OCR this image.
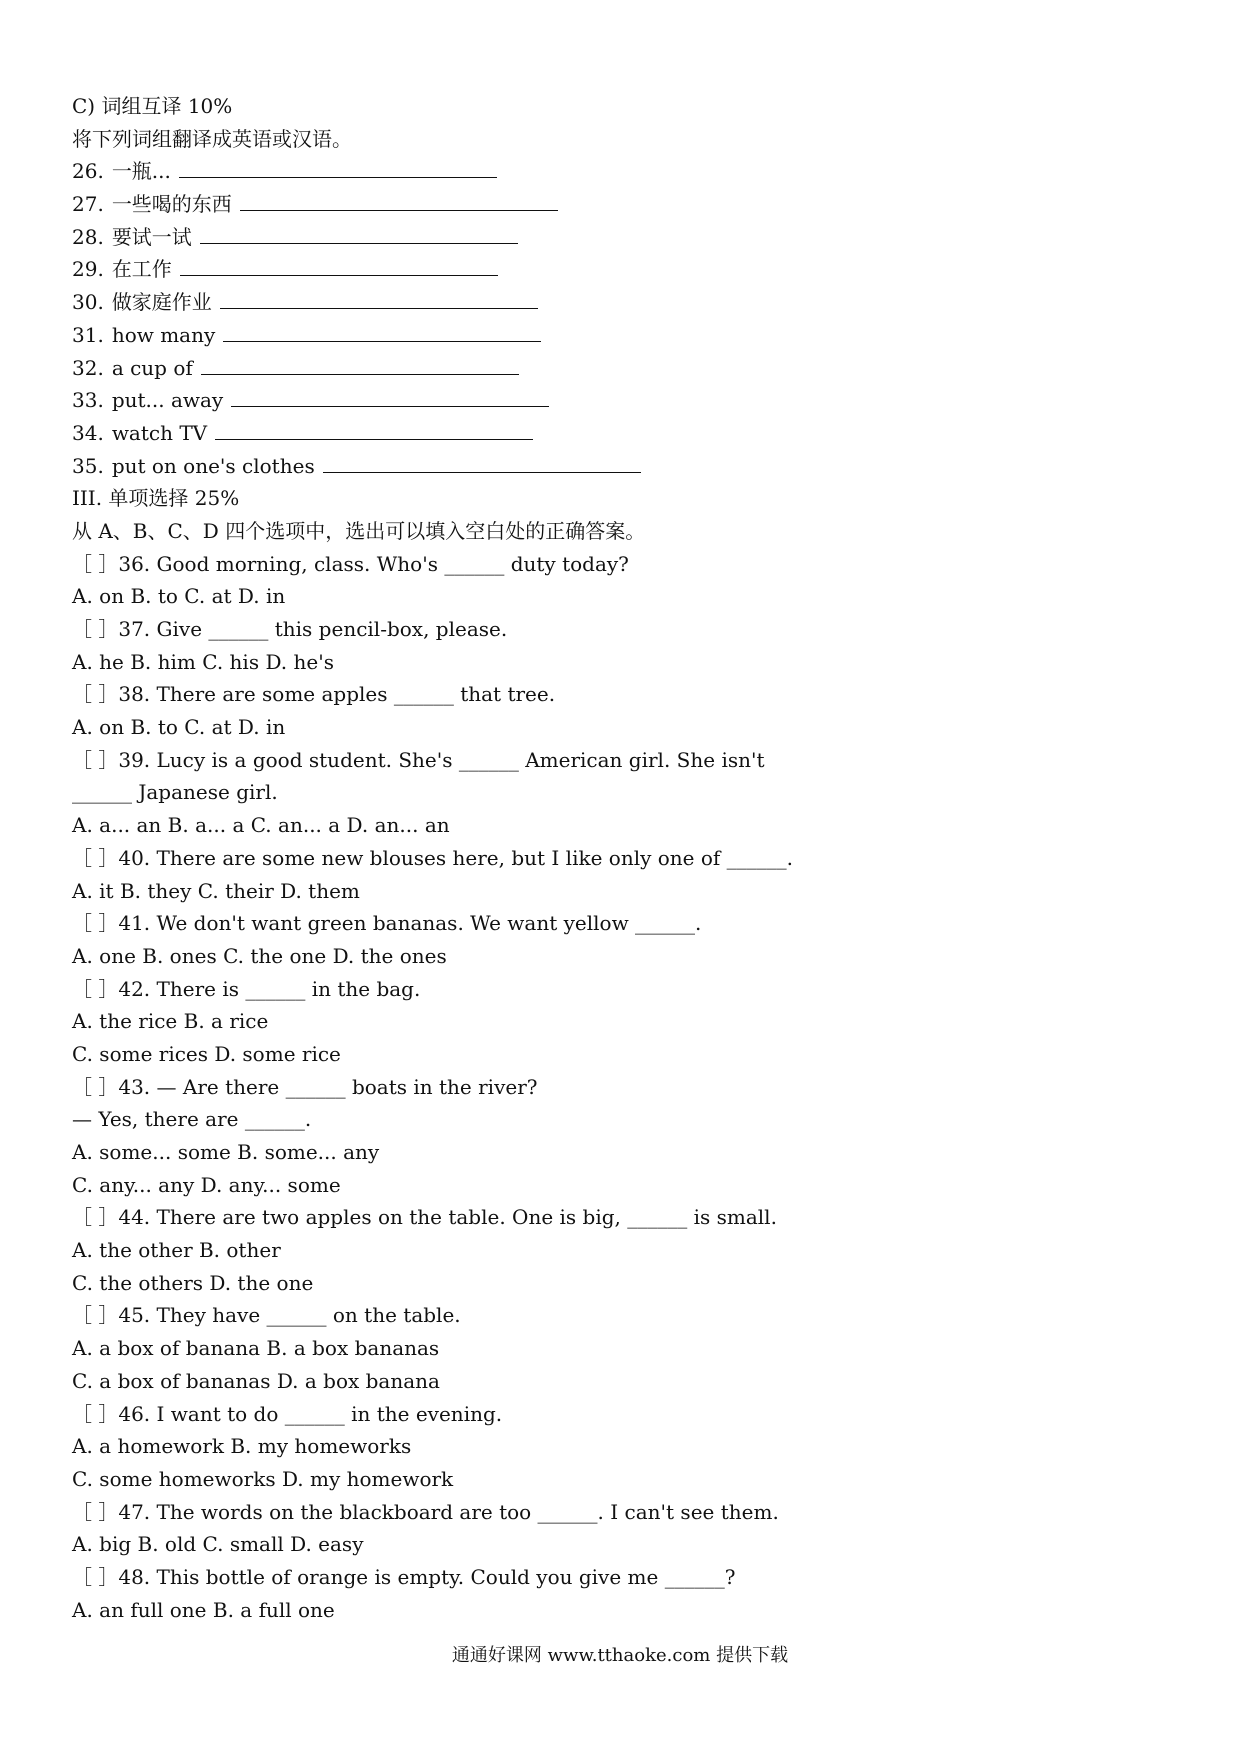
C) 词组互译 10%
将下列词组翻译成英语或汉语。
26. 一瓶...
27. 一些喝的东西
28. 要试一试
29. 在工作
30. 做家庭作业
31. how many
32. a cup of
33. put... away
34. watch TV
35. put on one's clothes
III. 单项选择 25%
从 A、B、C、D 四个选项中，选出可以填入空白处的正确答案。
［ ］36. Good morning, class. Who's ______ duty today?
A. on B. to C. at D. in
［ ］37. Give ______ this pencil-box, please.
A. he B. him C. his D. he's
［ ］38. There are some apples ______ that tree.
A. on B. to C. at D. in
［ ］39. Lucy is a good student. She's ______ American girl. She isn't
______ Japanese girl.
A. a... an B. a... a C. an... a D. an... an
［ ］40. There are some new blouses here, but I like only one of ______.
A. it B. they C. their D. them
［ ］41. We don't want green bananas. We want yellow ______.
A. one B. ones C. the one D. the ones
［ ］42. There is ______ in the bag.
A. the rice B. a rice
C. some rices D. some rice
［ ］43. — Are there ______ boats in the river?
— Yes, there are ______.
A. some... some B. some... any
C. any... any D. any... some
［ ］44. There are two apples on the table. One is big, ______ is small.
A. the other B. other
C. the others D. the one
［ ］45. They have ______ on the table.
A. a box of banana B. a box bananas
C. a box of bananas D. a box banana
［ ］46. I want to do ______ in the evening.
A. a homework B. my homeworks
C. some homeworks D. my homework
［ ］47. The words on the blackboard are too ______. I can't see them.
A. big B. old C. small D. easy
［ ］48. This bottle of orange is empty. Could you give me ______?
A. an full one B. a full one
通通好课网 www.tthaoke.com 提供下载
